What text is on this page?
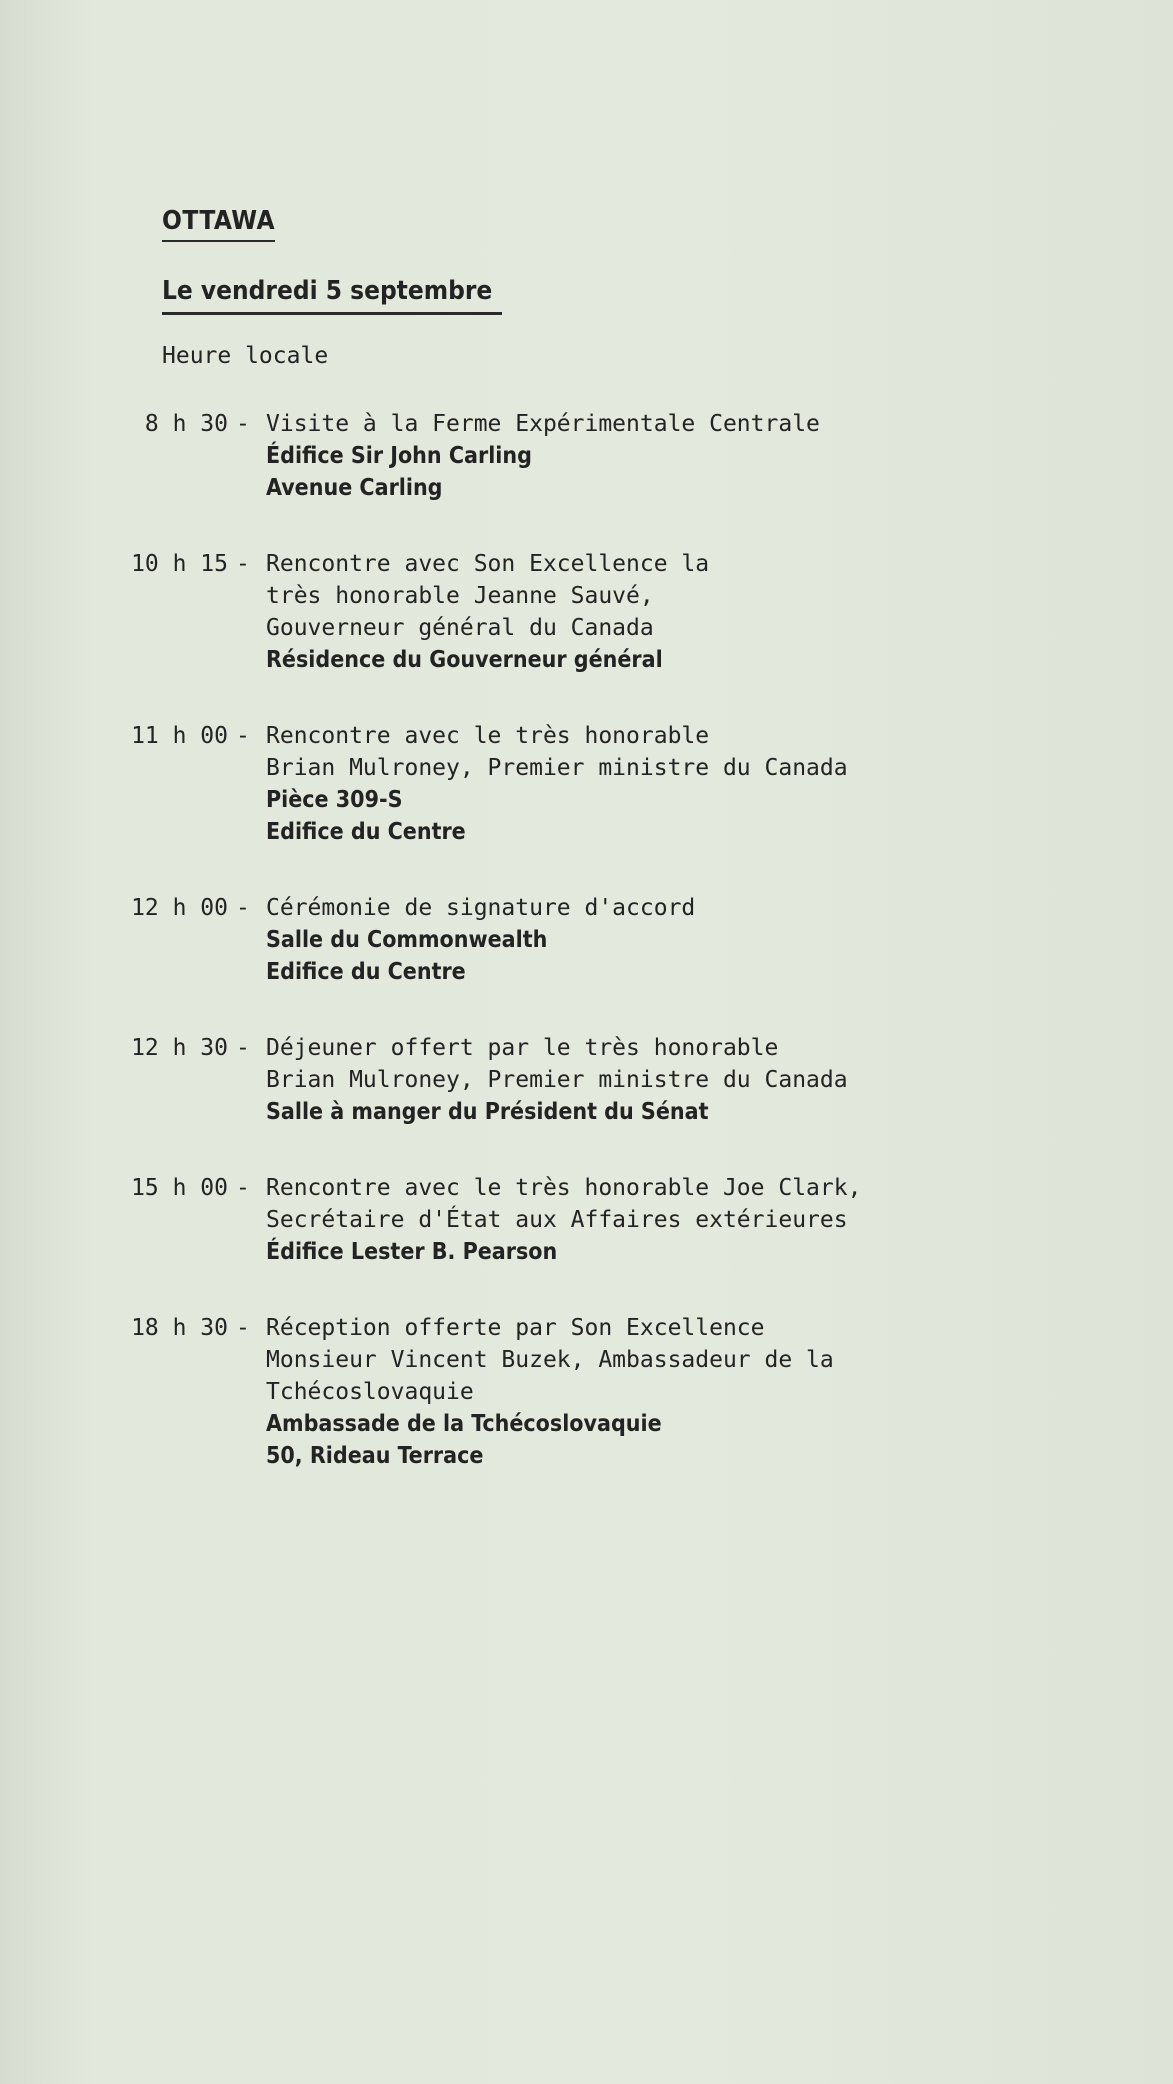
OTTAWA
Le vendredi 5 septembre

Heure locale

8 h 30 - Visite à la Ferme Expérimentale Centrale
Édifice Sir John Carling
Avenue Carling
10 h 15 - Rencontre avec Son Excellence la
très honorable Jeanne Sauvé,
Gouverneur général du Canada
Résidence du Gouverneur général
11 h 00 - Rencontre avec le très honorable
Brian Mulroney, Premier ministre du Canada
Pièce 309-S
Edifice du Centre
12 h 00 - Cérémonie de signature d'accord
Salle du Commonwealth
Edifice du Centre
12 h 30 - Déjeuner offert par le très honorable
Brian Mulroney, Premier ministre du Canada
Salle à manger du Président du Sénat
15 h 00 - Rencontre avec le très honorable Joe Clark,
Secrétaire d'État aux Affaires extérieures
Édifice Lester B. Pearson
18 h 30 - Réception offerte par Son Excellence
Monsieur Vincent Buzek, Ambassadeur de la
Tchécoslovaquie
Ambassade de la Tchécoslovaquie
50, Rideau Terrace
